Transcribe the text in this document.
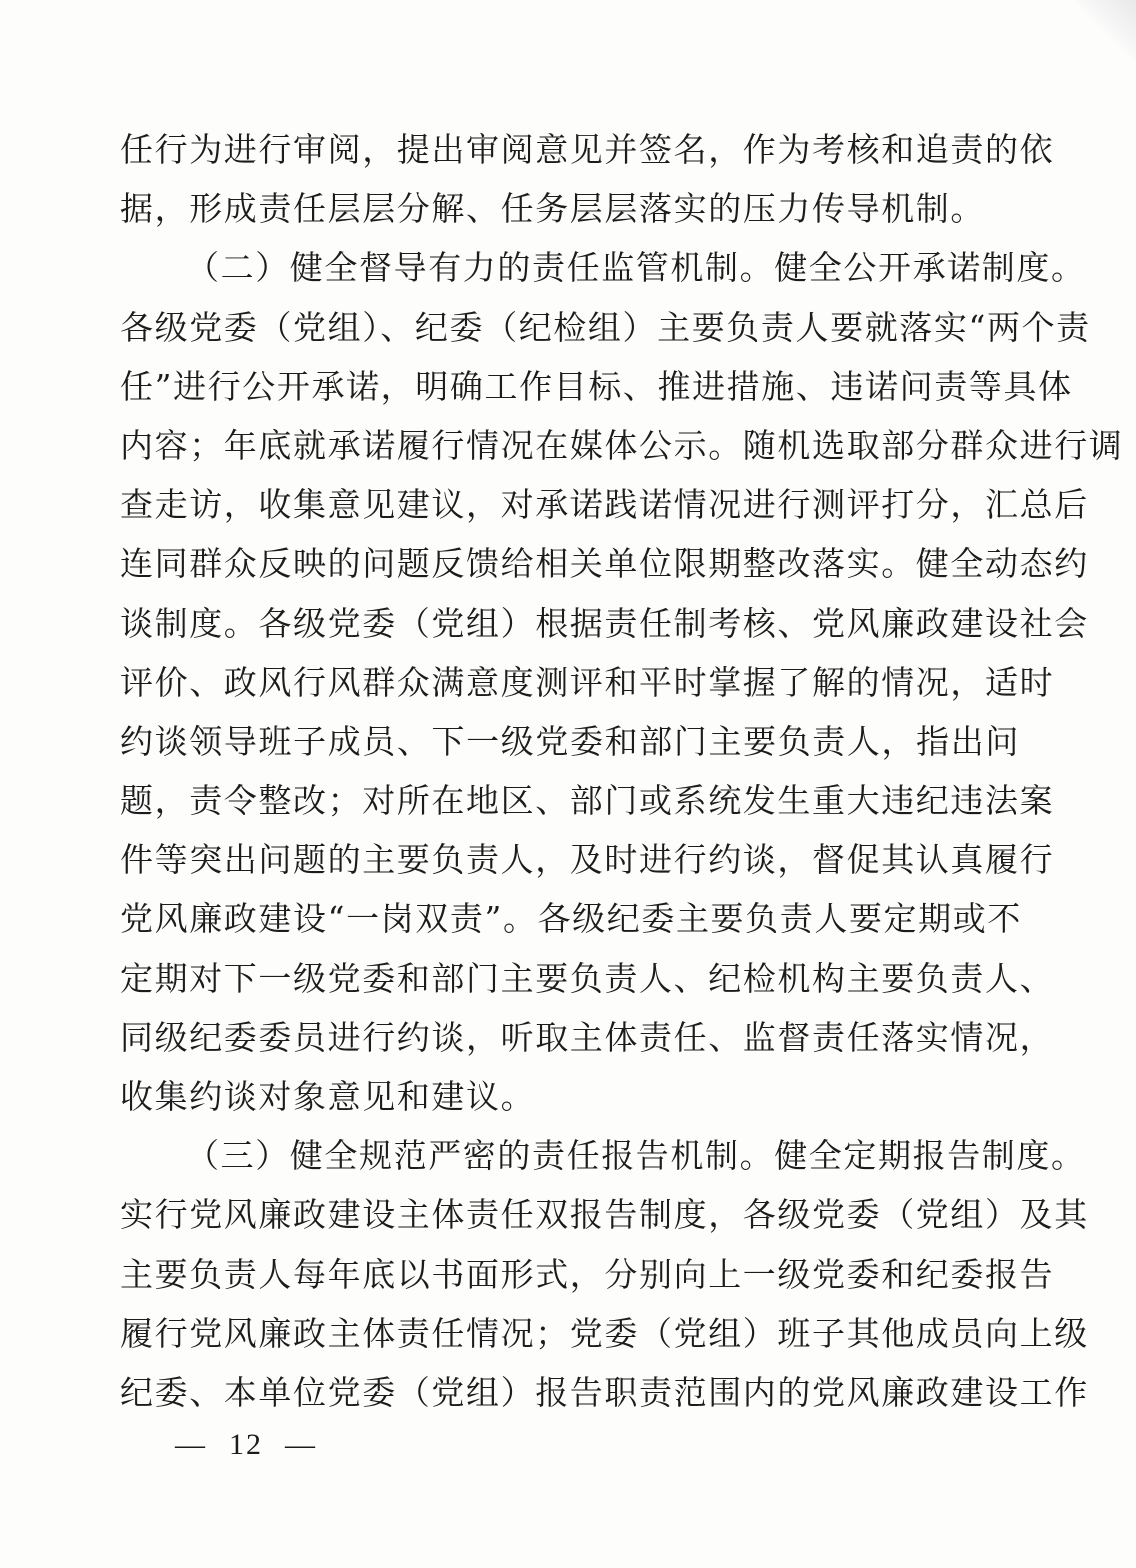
任行为进行审阅，提出审阅意见并签名，作为考核和追责的依
据，形成责任层层分解、任务层层落实的压力传导机制。
（二）健全督导有力的责任监管机制。健全公开承诺制度。
各级党委（党组）、纪委（纪检组）主要负责人要就落实“两个责
任”进行公开承诺，明确工作目标、推进措施、违诺问责等具体
内容；年底就承诺履行情况在媒体公示。随机选取部分群众进行调
查走访，收集意见建议，对承诺践诺情况进行测评打分，汇总后
连同群众反映的问题反馈给相关单位限期整改落实。健全动态约
谈制度。各级党委（党组）根据责任制考核、党风廉政建设社会
评价、政风行风群众满意度测评和平时掌握了解的情况，适时
约谈领导班子成员、下一级党委和部门主要负责人，指出问
题，责令整改；对所在地区、部门或系统发生重大违纪违法案
件等突出问题的主要负责人，及时进行约谈，督促其认真履行
党风廉政建设“一岗双责”。各级纪委主要负责人要定期或不
定期对下一级党委和部门主要负责人、纪检机构主要负责人、
同级纪委委员进行约谈，听取主体责任、监督责任落实情况，
收集约谈对象意见和建议。
（三）健全规范严密的责任报告机制。健全定期报告制度。
实行党风廉政建设主体责任双报告制度，各级党委（党组）及其
主要负责人每年底以书面形式，分别向上一级党委和纪委报告
履行党风廉政主体责任情况；党委（党组）班子其他成员向上级
纪委、本单位党委（党组）报告职责范围内的党风廉政建设工作
— 12 —
